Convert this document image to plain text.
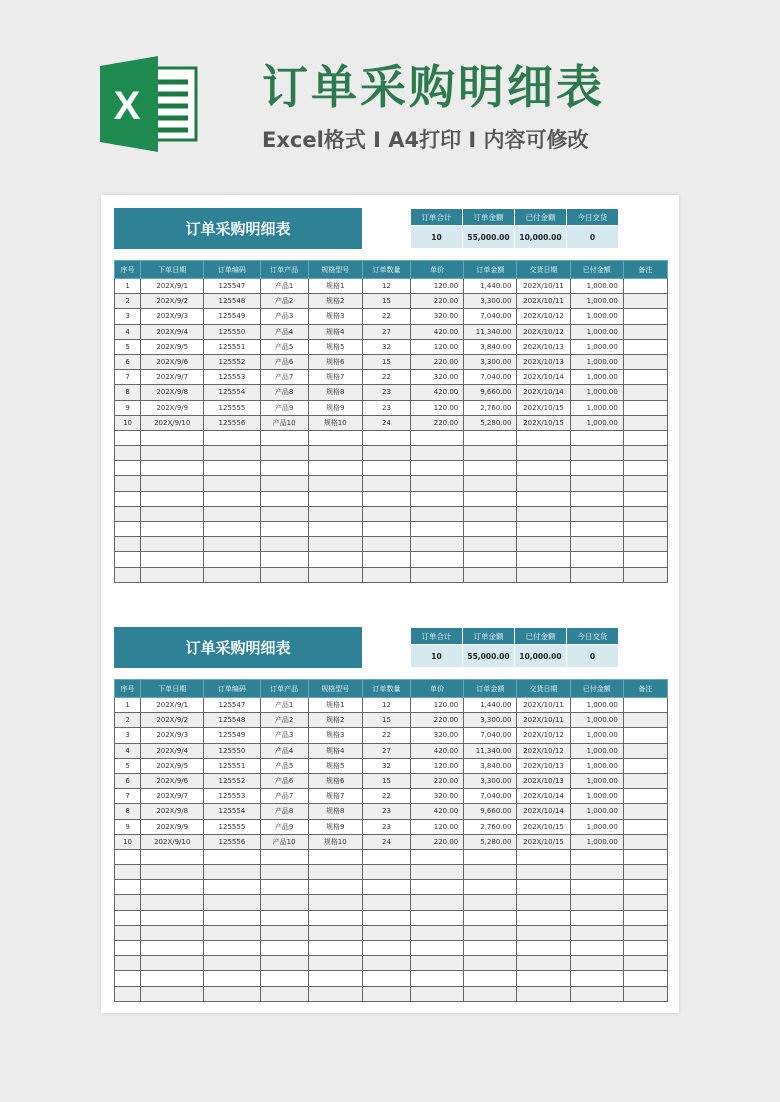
X	订单采购明细表
Excel格式 I A4打印 I 内容可修改
订单采购明细表
订单合计	订单金额	已付金额	今日交货
10	55,000.00	10,000.00	0
序号	下单日期	订单编码	订单产品	规格型号	订单数量	单价	订单金额	交货日期	已付金额	备注
1	202X/9/1	125547	产品1	规格1	12	120.00	1,440.00	202X/10/11	1,000.00	
2	202X/9/2	125548	产品2	规格2	15	220.00	3,300.00	202X/10/11	1,000.00	
3	202X/9/3	125549	产品3	规格3	22	320.00	7,040.00	202X/10/12	1,000.00	
4	202X/9/4	125550	产品4	规格4	27	420.00	11,340.00	202X/10/12	1,000.00	
5	202X/9/5	125551	产品5	规格5	32	120.00	3,840.00	202X/10/13	1,000.00	
6	202X/9/6	125552	产品6	规格6	15	220.00	3,300.00	202X/10/13	1,000.00	
7	202X/9/7	125553	产品7	规格7	22	320.00	7,040.00	202X/10/14	1,000.00	
8	202X/9/8	125554	产品8	规格8	23	420.00	9,660.00	202X/10/14	1,000.00	
9	202X/9/9	125555	产品9	规格9	23	120.00	2,760.00	202X/10/15	1,000.00	
10	202X/9/10	125556	产品10	规格10	24	220.00	5,280.00	202X/10/15	1,000.00	

订单采购明细表
订单合计	订单金额	已付金额	今日交货
10	55,000.00	10,000.00	0
序号	下单日期	订单编码	订单产品	规格型号	订单数量	单价	订单金额	交货日期	已付金额	备注
1	202X/9/1	125547	产品1	规格1	12	120.00	1,440.00	202X/10/11	1,000.00	
2	202X/9/2	125548	产品2	规格2	15	220.00	3,300.00	202X/10/11	1,000.00	
3	202X/9/3	125549	产品3	规格3	22	320.00	7,040.00	202X/10/12	1,000.00	
4	202X/9/4	125550	产品4	规格4	27	420.00	11,340.00	202X/10/12	1,000.00	
5	202X/9/5	125551	产品5	规格5	32	120.00	3,840.00	202X/10/13	1,000.00	
6	202X/9/6	125552	产品6	规格6	15	220.00	3,300.00	202X/10/13	1,000.00	
7	202X/9/7	125553	产品7	规格7	22	320.00	7,040.00	202X/10/14	1,000.00	
8	202X/9/8	125554	产品8	规格8	23	420.00	9,660.00	202X/10/14	1,000.00	
9	202X/9/9	125555	产品9	规格9	23	120.00	2,760.00	202X/10/15	1,000.00	
10	202X/9/10	125556	产品10	规格10	24	220.00	5,280.00	202X/10/15	1,000.00	
